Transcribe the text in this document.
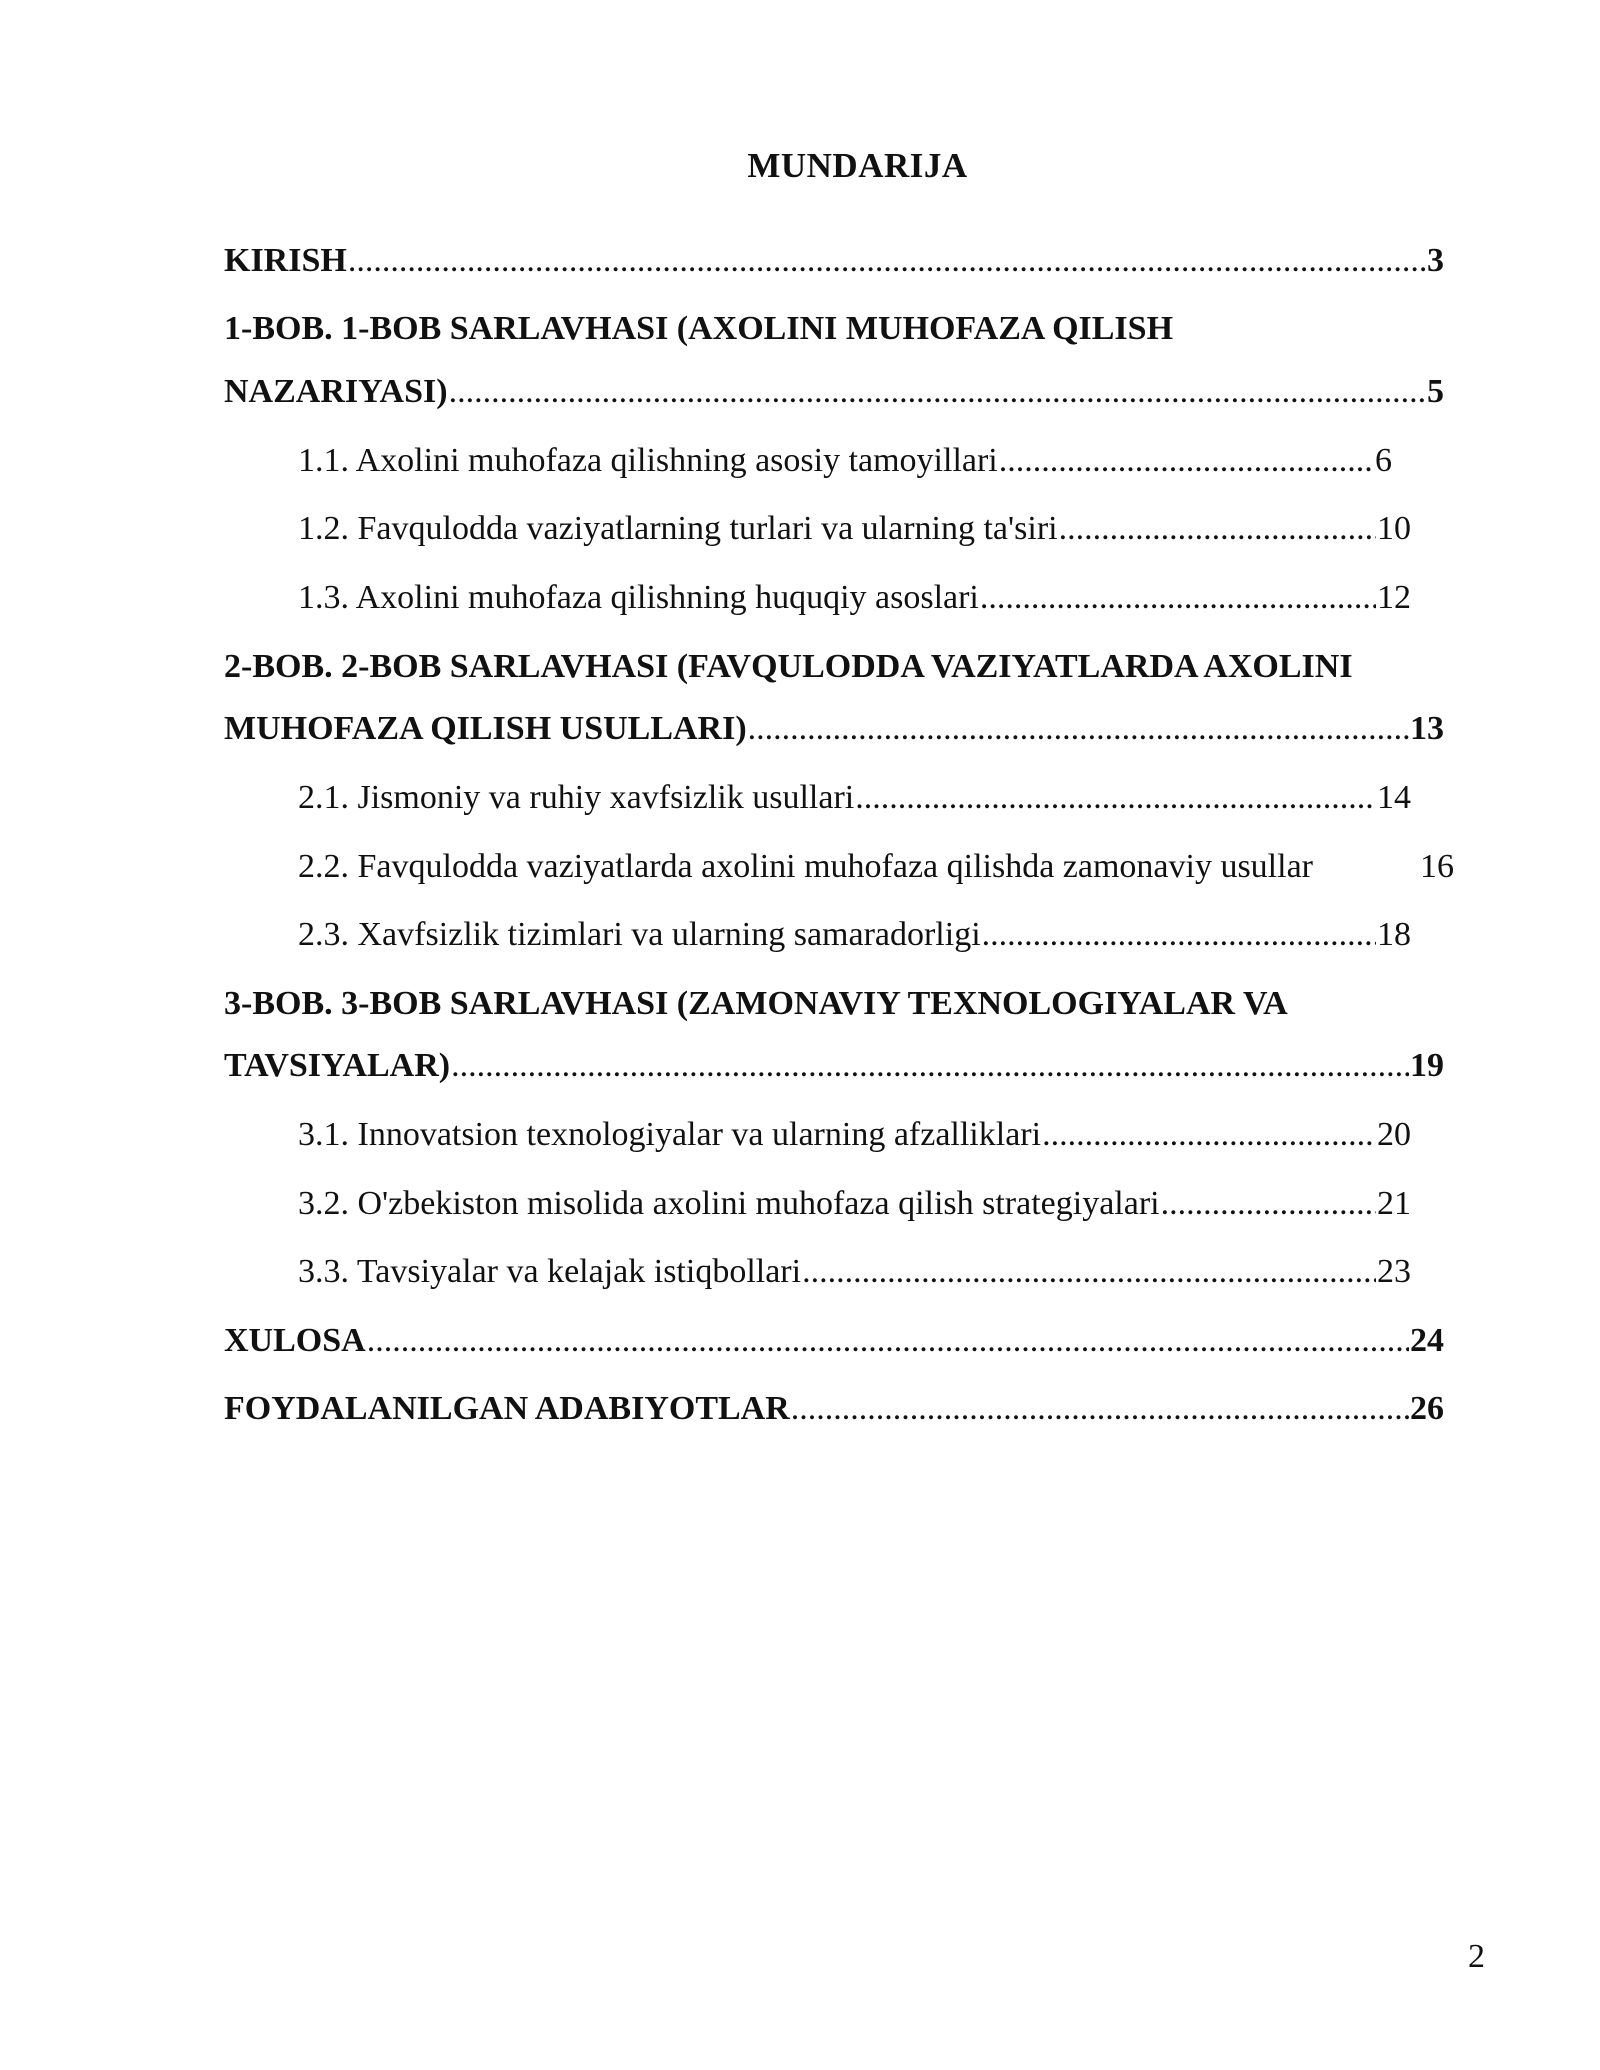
MUNDARIJA
KIRISH .....	3
1-BOB. 1-BOB SARLAVHASI (AXOLINI MUHOFAZA QILISH
NAZARIYASI) .....	5
1.1. Axolini muhofaza qilishning asosiy tamoyillari .....	6
1.2. Favqulodda vaziyatlarning turlari va ularning ta'siri .....	10
1.3. Axolini muhofaza qilishning huquqiy asoslari .....	12
2-BOB. 2-BOB SARLAVHASI (FAVQULODDA VAZIYATLARDA AXOLINI
MUHOFAZA QILISH USULLARI) .....	13
2.1. Jismoniy va ruhiy xavfsizlik usullari .....	14
2.2. Favqulodda vaziyatlarda axolini muhofaza qilishda zamonaviy usullar	16
2.3. Xavfsizlik tizimlari va ularning samaradorligi .....	18
3-BOB. 3-BOB SARLAVHASI (ZAMONAVIY TEXNOLOGIYALAR VA
TAVSIYALAR) .....	19
3.1. Innovatsion texnologiyalar va ularning afzalliklari .....	20
3.2. O'zbekiston misolida axolini muhofaza qilish strategiyalari .....	21
3.3. Tavsiyalar va kelajak istiqbollari .....	23
XULOSA .....	24
FOYDALANILGAN ADABIYOTLAR .....	26
2
